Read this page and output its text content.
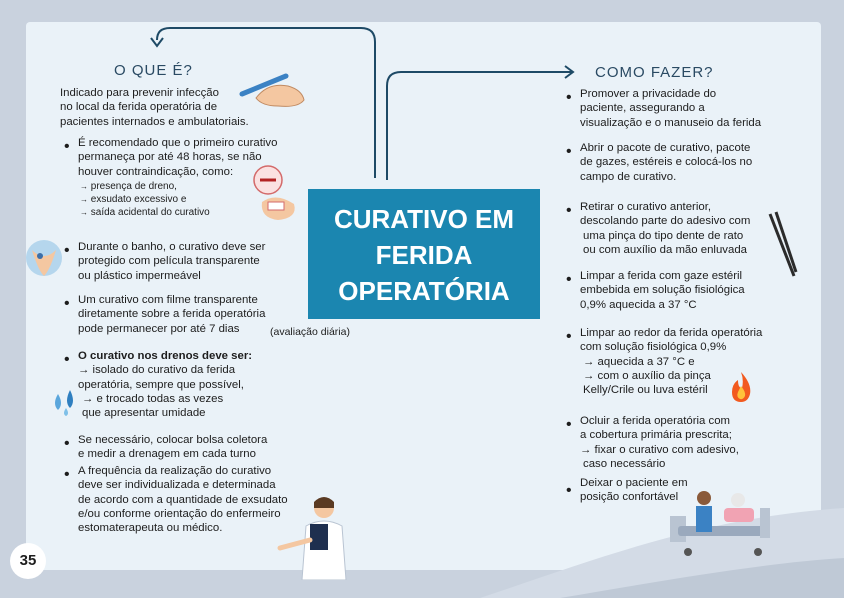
CURATIVO EM
FERIDA
OPERATÓRIA
O QUE É?
Indicado para prevenir infecção
no local da ferida operatória de
pacientes internados e ambulatoriais.
• É recomendado que o primeiro curativo
permaneça por até 48 horas, se não
houver contraindicação, como:
→ presença de dreno,
→ exsudato excessivo e
→ saída acidental do curativo
• Durante o banho, o curativo deve ser
protegido com película transparente
ou plástico impermeável
• Um curativo com filme transparente
diretamente sobre a ferida operatória
pode permanecer por até 7 dias	(avaliação diária)
• O curativo nos drenos deve ser:
→ isolado do curativo da ferida
operatória, sempre que possível,
→ e trocado todas as vezes
que apresentar umidade
• Se necessário, colocar bolsa coletora
e medir a drenagem em cada turno
• A frequência da realização do curativo
deve ser individualizada e determinada
de acordo com a quantidade de exsudato
e/ou conforme orientação do enfermeiro
estomaterapeuta ou médico.
COMO FAZER?
• Promover a privacidade do
paciente, assegurando a
visualização e o manuseio da ferida
• Abrir o pacote de curativo, pacote
de gazes, estéreis e colocá-los no
campo de curativo.
• Retirar o curativo anterior,
descolando parte do adesivo com
uma pinça do tipo dente de rato
ou com auxílio da mão enluvada
• Limpar a ferida com gaze estéril
embebida em solução fisiológica
0,9% aquecida a 37 °C
• Limpar ao redor da ferida operatória
com solução fisiológica 0,9%
→ aquecida a 37 °C e
→ com o auxílio da pinça
Kelly/Crile ou luva estéril
• Ocluir a ferida operatória com
a cobertura primária prescrita;
→ fixar o curativo com adesivo,
caso necessário
• Deixar o paciente em
posição confortável
35
